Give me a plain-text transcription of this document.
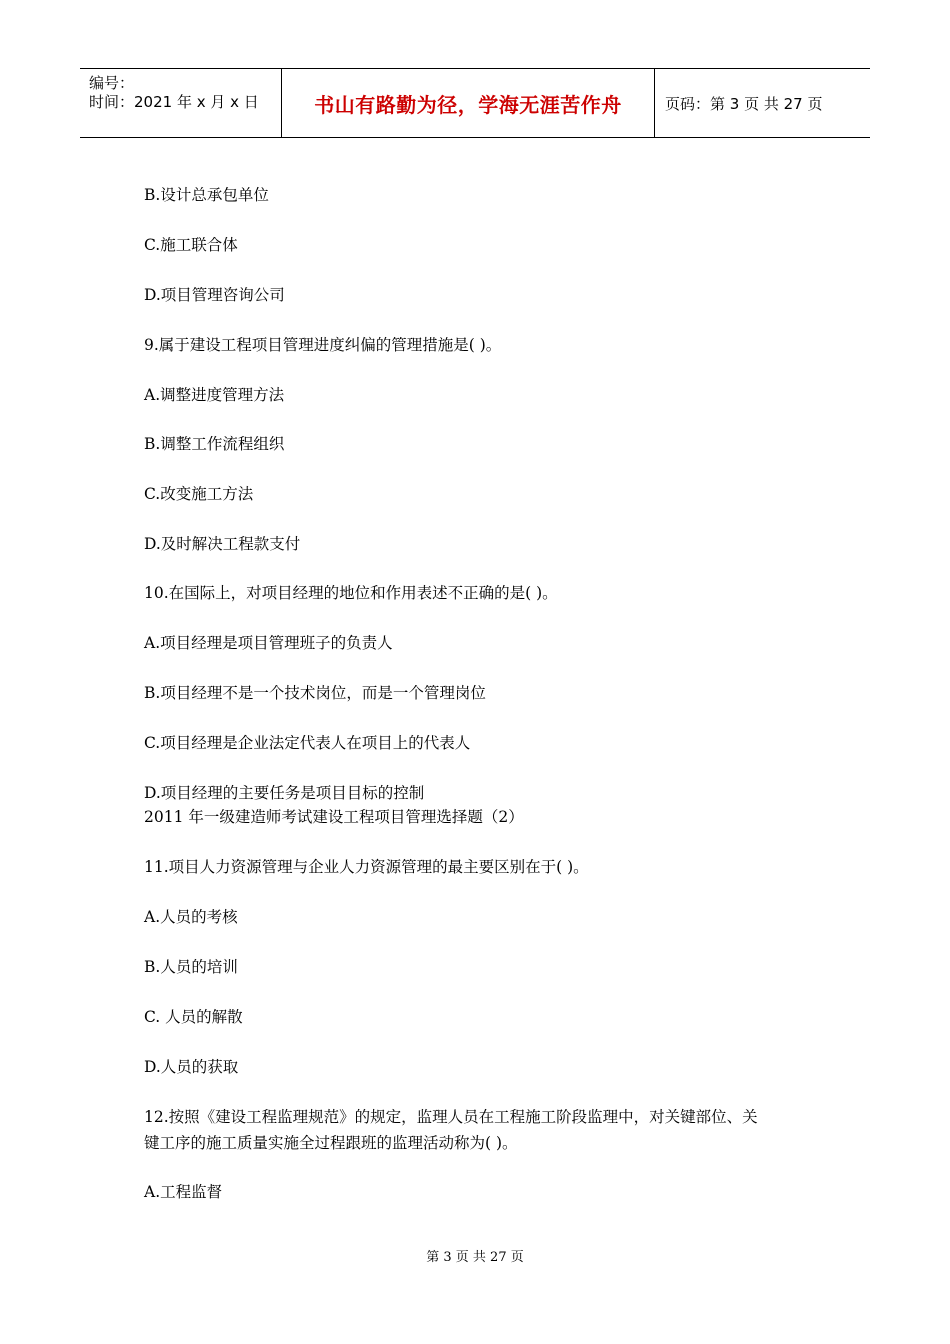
编号：
时间：2021 年 x 月 x 日	书山有路勤为径，学海无涯苦作舟	页码：第 3 页 共 27 页
B.设计总承包单位
C.施工联合体
D.项目管理咨询公司
9.属于建设工程项目管理进度纠偏的管理措施是( )。
A.调整进度管理方法
B.调整工作流程组织
C.改变施工方法
D.及时解决工程款支付
10.在国际上，对项目经理的地位和作用表述不正确的是( )。
A.项目经理是项目管理班子的负责人
B.项目经理不是一个技术岗位，而是一个管理岗位
C.项目经理是企业法定代表人在项目上的代表人
D.项目经理的主要任务是项目目标的控制
2011 年一级建造师考试建设工程项目管理选择题（2）
11.项目人力资源管理与企业人力资源管理的最主要区别在于( )。
A.人员的考核
B.人员的培训
C. 人员的解散
D.人员的获取
12.按照《建设工程监理规范》的规定，监理人员在工程施工阶段监理中，对关键部位、关
键工序的施工质量实施全过程跟班的监理活动称为( )。
A.工程监督
第 3 页 共 27 页
